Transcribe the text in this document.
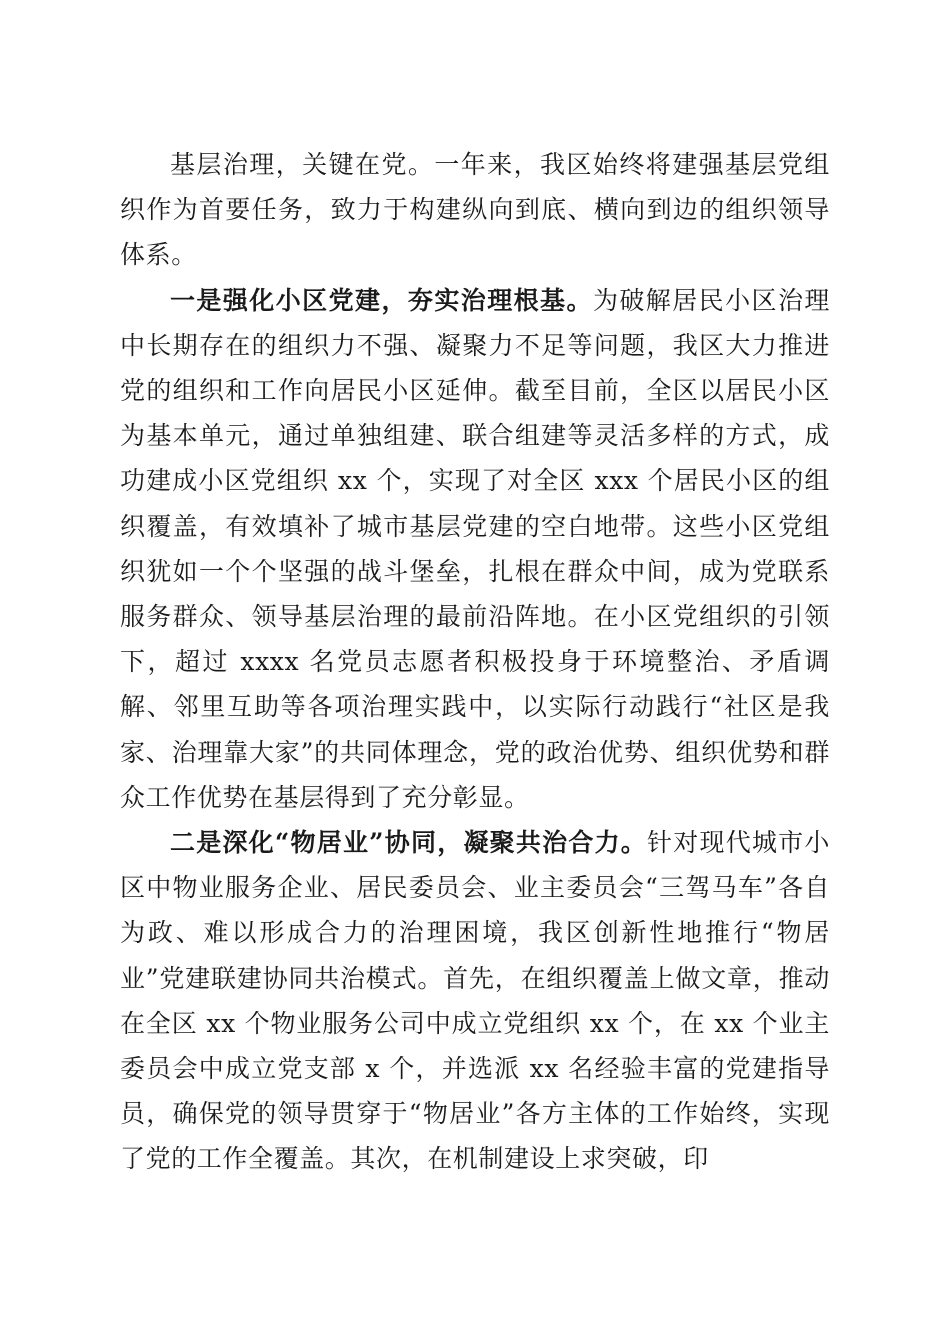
基层治理，关键在党。一年来，我区始终将建强基层党组织作为首要任务，致力于构建纵向到底、横向到边的组织领导体系。

一是强化小区党建，夯实治理根基。为破解居民小区治理中长期存在的组织力不强、凝聚力不足等问题，我区大力推进党的组织和工作向居民小区延伸。截至目前，全区以居民小区为基本单元，通过单独组建、联合组建等灵活多样的方式，成功建成小区党组织 xx 个，实现了对全区 xxx 个居民小区的组织覆盖，有效填补了城市基层党建的空白地带。这些小区党组织犹如一个个坚强的战斗堡垒，扎根在群众中间，成为党联系服务群众、领导基层治理的最前沿阵地。在小区党组织的引领下，超过 xxxx 名党员志愿者积极投身于环境整治、矛盾调解、邻里互助等各项治理实践中，以实际行动践行“社区是我家、治理靠大家”的共同体理念，党的政治优势、组织优势和群众工作优势在基层得到了充分彰显。

二是深化“物居业”协同，凝聚共治合力。针对现代城市小区中物业服务企业、居民委员会、业主委员会“三驾马车”各自为政、难以形成合力的治理困境，我区创新性地推行“物居业”党建联建协同共治模式。首先，在组织覆盖上做文章，推动在全区 xx 个物业服务公司中成立党组织 xx 个，在 xx 个业主委员会中成立党支部 x 个，并选派 xx 名经验丰富的党建指导员，确保党的领导贯穿于“物居业”各方主体的工作始终，实现了党的工作全覆盖。其次，在机制建设上求突破，印
